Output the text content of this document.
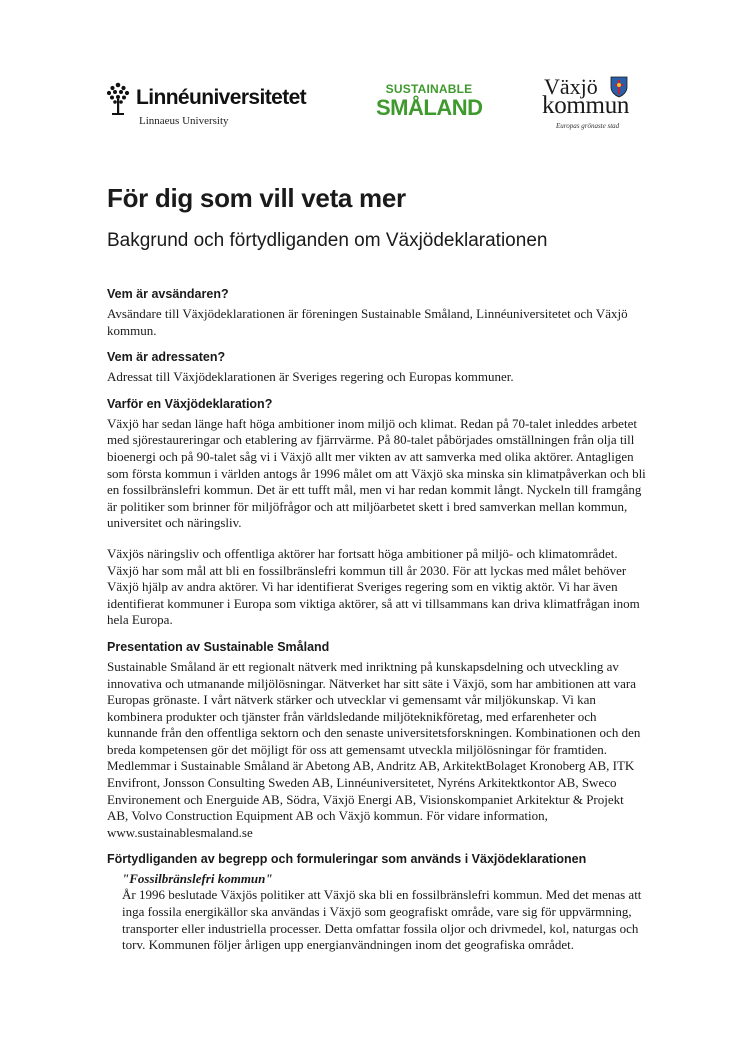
Linnéuniversitetet
Linnaeus University
SUSTAINABLE
SMÅLAND
Växjö
kommun
Europas grönaste stad
För dig som vill veta mer
Bakgrund och förtydliganden om Växjödeklarationen
Vem är avsändaren?

Avsändare till Växjödeklarationen är föreningen Sustainable Småland, Linnéuniversitetet och Växjö kommun.

Vem är adressaten?

Adressat till Växjödeklarationen är Sveriges regering och Europas kommuner.

Varför en Växjödeklaration?

Växjö har sedan länge haft höga ambitioner inom miljö och klimat. Redan på 70-talet inleddes arbetet med sjörestaureringar och etablering av fjärrvärme. På 80-talet påbörjades omställningen från olja till bioenergi och på 90-talet såg vi i Växjö allt mer vikten av att samverka med olika aktörer. Antagligen som första kommun i världen antogs år 1996 målet om att Växjö ska minska sin klimatpåverkan och bli en fossilbränslefri kommun. Det är ett tufft mål, men vi har redan kommit långt. Nyckeln till framgång är politiker som brinner för miljöfrågor och att miljöarbetet skett i bred samverkan mellan kommun, universitet och näringsliv.

Växjös näringsliv och offentliga aktörer har fortsatt höga ambitioner på miljö- och klimatområdet. Växjö har som mål att bli en fossilbränslefri kommun till år 2030. För att lyckas med målet behöver Växjö hjälp av andra aktörer. Vi har identifierat Sveriges regering som en viktig aktör. Vi har även identifierat kommuner i Europa som viktiga aktörer, så att vi tillsammans kan driva klimatfrågan inom hela Europa.

Presentation av Sustainable Småland

Sustainable Småland är ett regionalt nätverk med inriktning på kunskapsdelning och utveckling av innovativa och utmanande miljölösningar. Nätverket har sitt säte i Växjö, som har ambitionen att vara Europas grönaste. I vårt nätverk stärker och utvecklar vi gemensamt vår miljökunskap. Vi kan kombinera produkter och tjänster från världsledande miljöteknikföretag, med erfarenheter och kunnande från den offentliga sektorn och den senaste universitetsforskningen. Kombinationen och den breda kompetensen gör det möjligt för oss att gemensamt utveckla miljölösningar för framtiden. Medlemmar i Sustainable Småland är Abetong AB, Andritz AB, ArkitektBolaget Kronoberg AB, ITK Envifront, Jonsson Consulting Sweden AB, Linnéuniversitetet, Nyréns Arkitektkontor AB, Sweco Environement och Energuide AB, Södra, Växjö Energi AB, Visionskompaniet Arkitektur & Projekt AB, Volvo Construction Equipment AB och Växjö kommun. För vidare information, www.sustainablesmaland.se

Förtydliganden av begrepp och formuleringar som används i Växjödeklarationen

"Fossilbränslefri kommun"

År 1996 beslutade Växjös politiker att Växjö ska bli en fossilbränslefri kommun. Med det menas att inga fossila energikällor ska användas i Växjö som geografiskt område, vare sig för uppvärmning, transporter eller industriella processer. Detta omfattar fossila oljor och drivmedel, kol, naturgas och torv. Kommunen följer årligen upp energianvändningen inom det geografiska området.
